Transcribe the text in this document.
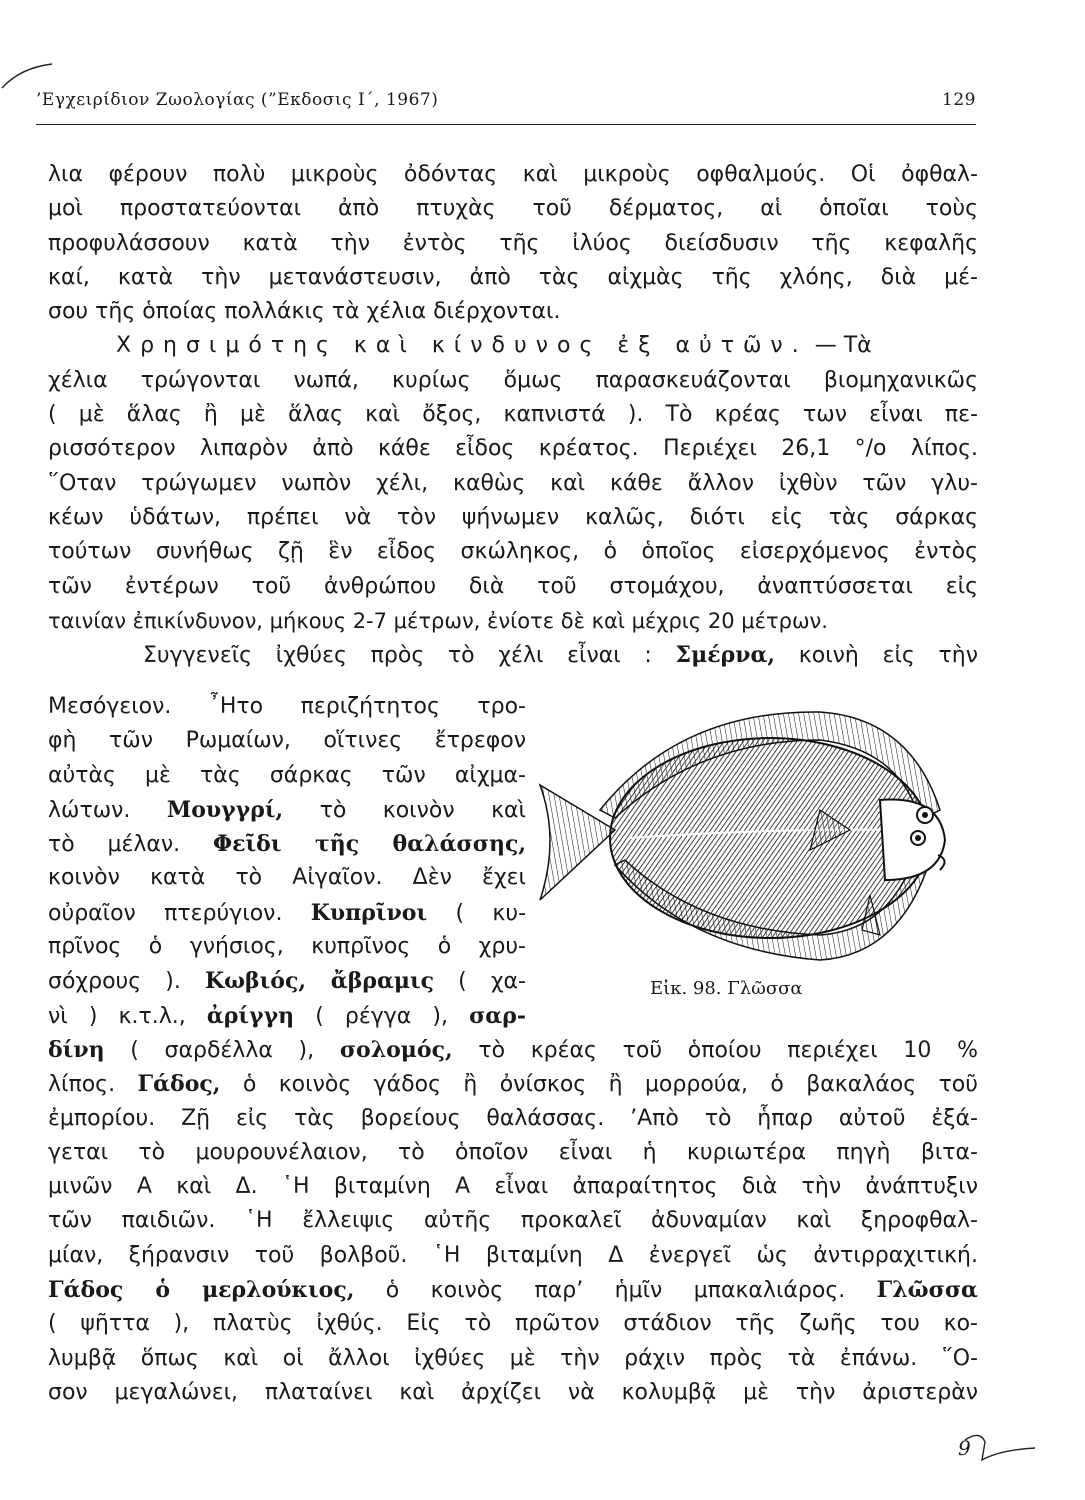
’Εγχειρίδιον Ζωολογίας (”Εκδοσις Ι΄, 1967)	129
λια φέρουν πολὺ μικροὺς ὀδόντας καὶ μικροὺς οφθαλμούς. Οἱ ὀφθαλ-
μοὶ προστατεύονται ἀπὸ πτυχὰς τοῦ δέρματος, αἱ ὁποῖαι τοὺς
προφυλάσσουν κατὰ τὴν ἐντὸς τῆς ἰλύος διείσδυσιν τῆς κεφαλῆς
καί, κατὰ τὴν μετανάστευσιν, ἀπὸ τὰς αἰχμὰς τῆς χλόης, διὰ μέ-
σου τῆς ὁποίας πολλάκις τὰ χέλια διέρχονται.
Χρησιμότης καὶ κίνδυνος ἐξ αὐτῶν. — Τὰ
χέλια τρώγονται νωπά, κυρίως ὅμως παρασκευάζονται βιομηχανικῶς
( μὲ ἅλας ἢ μὲ ἅλας καὶ ὄξος, καπνιστά ). Τὸ κρέας των εἶναι πε-
ρισσότερον λιπαρὸν ἀπὸ κάθε εἶδος κρέατος. Περιέχει 26,1 °/o λίπος.
῞Οταν τρώγωμεν νωπὸν χέλι, καθὼς καὶ κάθε ἄλλον ἰχθὺν τῶν γλυ-
κέων ὑδάτων, πρέπει νὰ τὸν ψήνωμεν καλῶς, διότι εἰς τὰς σάρκας
τούτων συνήθως ζῇ ἓν εἶδος σκώληκος, ὁ ὁποῖος εἰσερχόμενος ἐντὸς
τῶν ἐντέρων τοῦ ἀνθρώπου διὰ τοῦ στομάχου, ἀναπτύσσεται εἰς
ταινίαν ἐπικίνδυνον, μήκους 2-7 μέτρων, ἐνίοτε δὲ καὶ μέχρις 20 μέτρων.
Συγγενεῖς ἰχθύες πρὸς τὸ χέλι εἶναι : Σμέρνα, κοινὴ εἰς τὴν
Μεσόγειον. ῏Ητο περιζήτητος τρο-
φὴ τῶν Ρωμαίων, οἵτινες ἔτρεφον
αὐτὰς μὲ τὰς σάρκας τῶν αἰχμα-
λώτων. Μουγγρί, τὸ κοινὸν καὶ
τὸ μέλαν. Φεῖδι τῆς θαλάσσης,
κοινὸν κατὰ τὸ Αἰγαῖον. Δὲν ἔχει
οὐραῖον πτερύγιον. Κυπρῖνοι ( κυ-
πρῖνος ὁ γνήσιος, κυπρῖνος ὁ χρυ-
σόχρους ). Κωβιός, ἄβραμις ( χα-
νὶ ) κ.τ.λ., ἀρίγγη ( ρέγγα ), σαρ-
Εἰκ. 98. Γλῶσσα
δίνη ( σαρδέλλα ), σολομός, τὸ κρέας τοῦ ὁποίου περιέχει 10 %
λίπος. Γάδος, ὁ κοινὸς γάδος ἢ ὀνίσκος ἢ μορρούα, ὁ βακαλάος τοῦ
ἐμπορίου. Ζῇ εἰς τὰς βορείους θαλάσσας. ’Απὸ τὸ ἧπαρ αὐτοῦ ἐξά-
γεται τὸ μουρουνέλαιον, τὸ ὁποῖον εἶναι ἡ κυριωτέρα πηγὴ βιτα-
μινῶν Α καὶ Δ. ῾Η βιταμίνη Α εἶναι ἀπαραίτητος διὰ τὴν ἀνάπτυξιν
τῶν παιδιῶν. ῾Η ἔλλειψις αὐτῆς προκαλεῖ ἀδυναμίαν καὶ ξηροφθαλ-
μίαν, ξήρανσιν τοῦ βολβοῦ. ῾Η βιταμίνη Δ ἐνεργεῖ ὡς ἀντιρραχιτική.
Γάδος ὁ μερλούκιος, ὁ κοινὸς παρ’ ἡμῖν μπακαλιάρος. Γλῶσσα
( ψῆττα ), πλατὺς ἰχθύς. Εἰς τὸ πρῶτον στάδιον τῆς ζωῆς του κο-
λυμβᾷ ὅπως καὶ οἱ ἄλλοι ἰχθύες μὲ τὴν ράχιν πρὸς τὰ ἐπάνω. ῞Ο-
σον μεγαλώνει, πλαταίνει καὶ ἀρχίζει νὰ κολυμβᾷ μὲ τὴν ἀριστερὰν
9
